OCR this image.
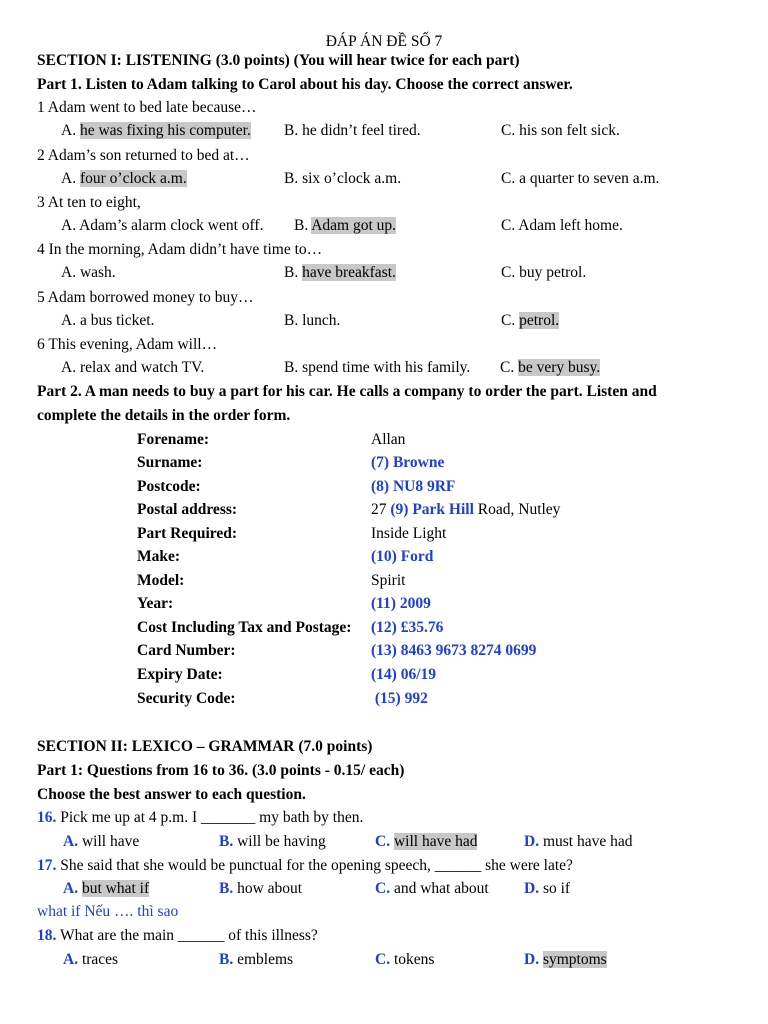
ĐÁP ÁN ĐỀ SỐ 7
SECTION I: LISTENING (3.0 points) (You will hear twice for each part)
Part 1. Listen to Adam talking to Carol about his day. Choose the correct answer.
1 Adam went to bed late because…
A. he was fixing his computer. B. he didn’t feel tired.	C. his son felt sick.
2 Adam’s son returned to bed at…
A. four o’clock a.m.	B. six o’clock a.m.	C. a quarter to seven a.m.
3 At ten to eight,
A. Adam’s alarm clock went off. B. Adam got up.	C. Adam left home.
4 In the morning, Adam didn’t have time to…
A. wash.	B. have breakfast.	C. buy petrol.
5 Adam borrowed money to buy…
A. a bus ticket.	B. lunch.	C. petrol.
6 This evening, Adam will…
A. relax and watch TV.	B. spend time with his family. C. be very busy.
Part 2. A man needs to buy a part for his car. He calls a company to order the part. Listen and
complete the details in the order form.
Forename:	Allan
Surname:	(7) Browne
Postcode:	(8) NU8 9RF
Postal address:	27 (9) Park Hill Road, Nutley
Part Required:	Inside Light
Make:	(10) Ford
Model:	Spirit
Year:	(11) 2009
Cost Including Tax and Postage: (12) £35.76
Card Number:	(13) 8463 9673 8274 0699
Expiry Date:	(14) 06/19
Security Code:	(15) 992
SECTION II: LEXICO – GRAMMAR (7.0 points)
Part 1: Questions from 16 to 36. (3.0 points - 0.15/ each)
Choose the best answer to each question.
16. Pick me up at 4 p.m. I _______ my bath by then.
A. will have	B. will be having	C. will have had	D. must have had
17. She said that she would be punctual for the opening speech, ______ she were late?
A. but what if	B. how about	C. and what about D. so if
what if Nếu …. thì sao
18. What are the main ______ of this illness?
A. traces	B. emblems	C. tokens	D. symptoms
